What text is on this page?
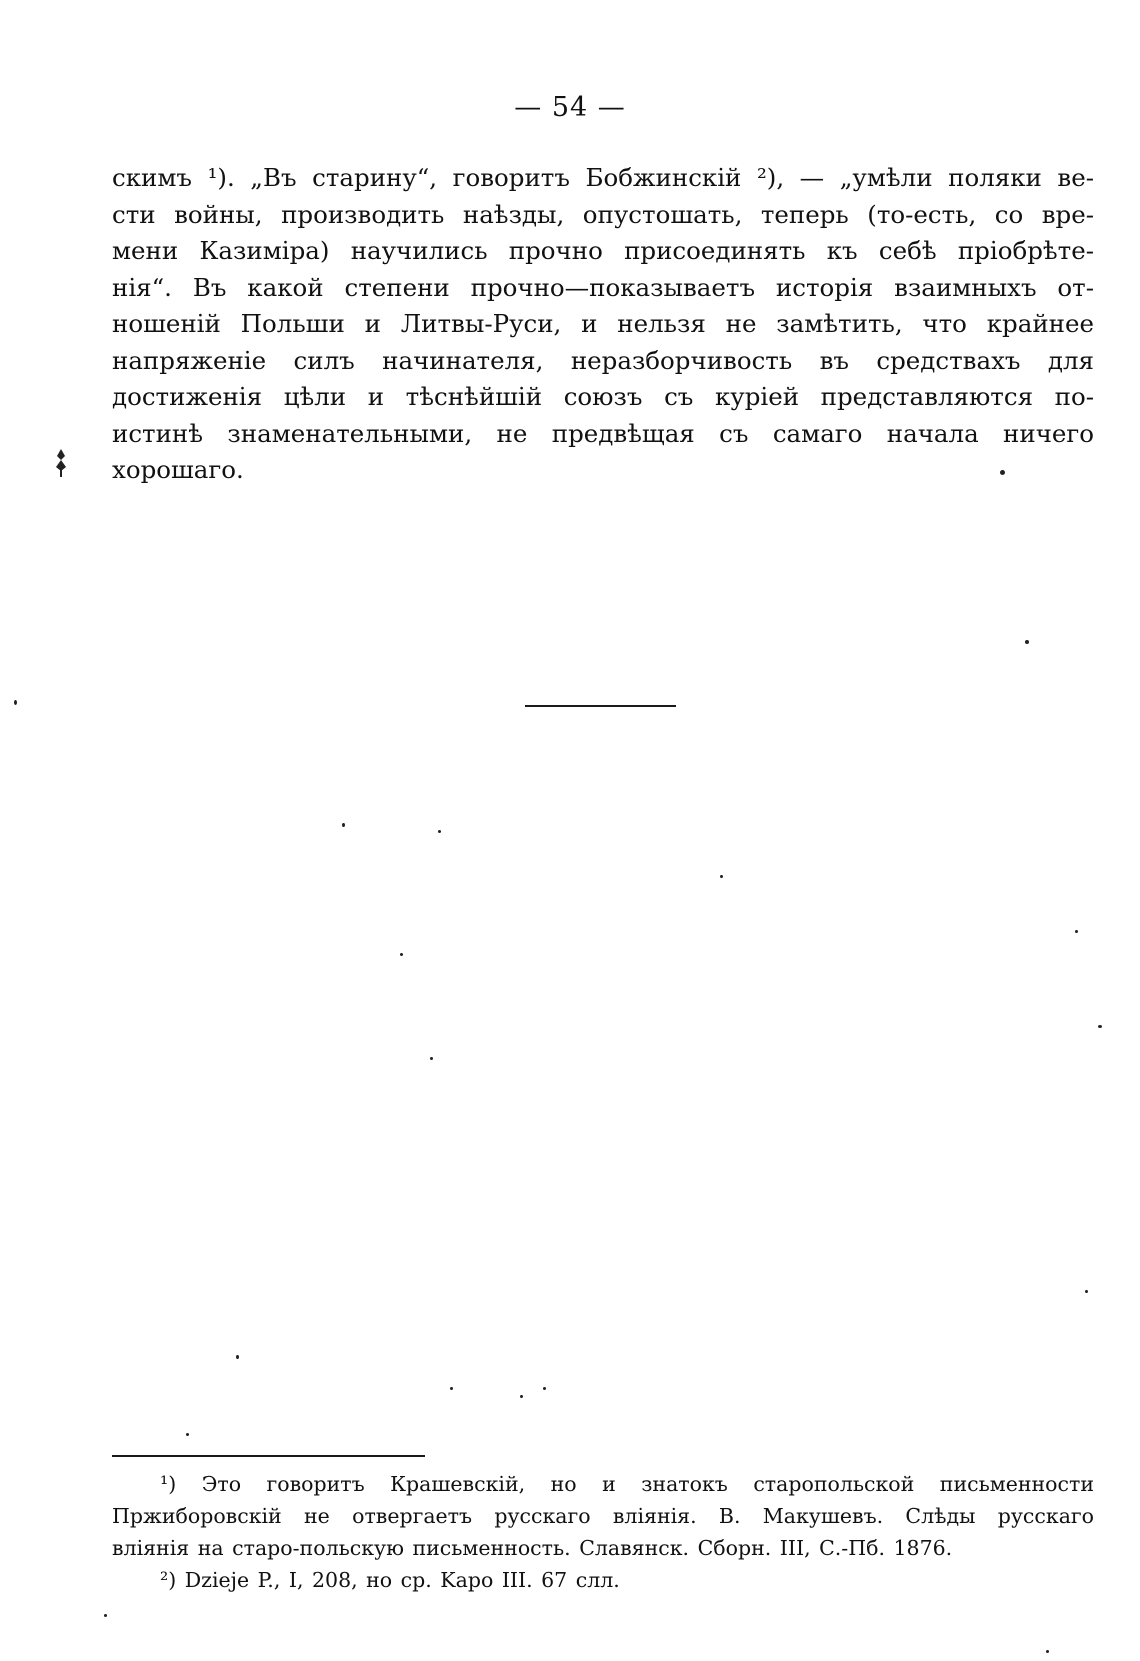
— 54 —
скимъ ¹). „Въ старину“, говоритъ Бобжинскій ²), — „умѣли поляки ве-
сти войны, производить наѣзды, опустошать, теперь (то-есть, со вре-
мени Казиміра) научились прочно присоединять къ себѣ пріобрѣте-
нія“. Въ какой степени прочно—показываетъ исторія взаимныхъ от-
ношеній Польши и Литвы-Руси, и нельзя не замѣтить, что крайнее
напряженіе силъ начинателя, неразборчивость въ средствахъ для
достиженія цѣли и тѣснѣйшій союзъ съ куріей представляются по-
истинѣ знаменательными, не предвѣщая съ самаго начала ничего
хорошаго.
¹) Это говоритъ Крашевскій, но и знатокъ старопольской письменности
Пржиборовскій не отвергаетъ русскаго вліянія. В. Макушевъ. Слѣды русскаго
вліянія на старо-польскую письменность. Славянск. Сборн. III, С.-Пб. 1876.
²) Dzieje P., I, 208, но ср. Kapo III. 67 слл.
